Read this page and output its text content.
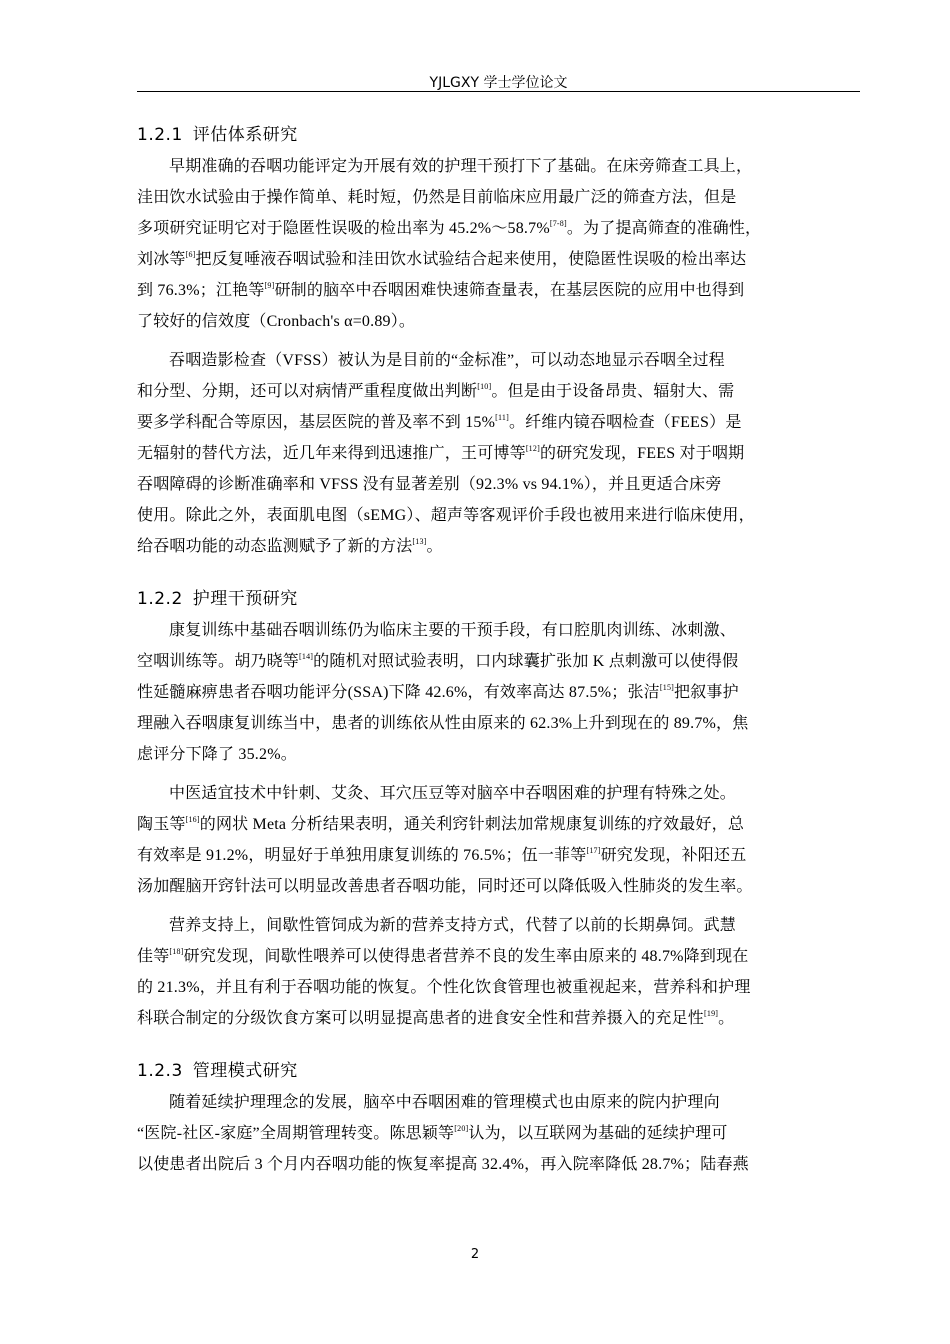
YJLGXY 学士学位论文
1.2.1 评估体系研究

早期准确的吞咽功能评定为开展有效的护理干预打下了基础。在床旁筛查工具上，
洼田饮水试验由于操作简单、耗时短，仍然是目前临床应用最广泛的筛查方法，但是
多项研究证明它对于隐匿性误吸的检出率为 45.2%～58.7%[7-8]。为了提高筛查的准确性，
刘冰等[6]把反复唾液吞咽试验和洼田饮水试验结合起来使用，使隐匿性误吸的检出率达
到 76.3%；江艳等[9]研制的脑卒中吞咽困难快速筛查量表，在基层医院的应用中也得到
了较好的信效度（Cronbach's α=0.89）。

吞咽造影检查（VFSS）被认为是目前的“金标准”，可以动态地显示吞咽全过程
和分型、分期，还可以对病情严重程度做出判断[10]。但是由于设备昂贵、辐射大、需
要多学科配合等原因，基层医院的普及率不到 15%[11]。纤维内镜吞咽检查（FEES）是
无辐射的替代方法，近几年来得到迅速推广，王可博等[12]的研究发现，FEES 对于咽期
吞咽障碍的诊断准确率和 VFSS 没有显著差别（92.3% vs 94.1%），并且更适合床旁
使用。除此之外，表面肌电图（sEMG）、超声等客观评价手段也被用来进行临床使用，
给吞咽功能的动态监测赋予了新的方法[13]。

1.2.2 护理干预研究

康复训练中基础吞咽训练仍为临床主要的干预手段，有口腔肌肉训练、冰刺激、
空咽训练等。胡乃晓等[14]的随机对照试验表明，口内球囊扩张加 K 点刺激可以使得假
性延髓麻痹患者吞咽功能评分(SSA)下降 42.6%，有效率高达 87.5%；张洁[15]把叙事护
理融入吞咽康复训练当中，患者的训练依从性由原来的 62.3%上升到现在的 89.7%，焦
虑评分下降了 35.2%。

中医适宜技术中针刺、艾灸、耳穴压豆等对脑卒中吞咽困难的护理有特殊之处。
陶玉等[16]的网状 Meta 分析结果表明，通关利窍针刺法加常规康复训练的疗效最好，总
有效率是 91.2%，明显好于单独用康复训练的 76.5%；伍一菲等[17]研究发现，补阳还五
汤加醒脑开窍针法可以明显改善患者吞咽功能，同时还可以降低吸入性肺炎的发生率。

营养支持上，间歇性管饲成为新的营养支持方式，代替了以前的长期鼻饲。武慧
佳等[18]研究发现，间歇性喂养可以使得患者营养不良的发生率由原来的 48.7%降到现在
的 21.3%，并且有利于吞咽功能的恢复。个性化饮食管理也被重视起来，营养科和护理
科联合制定的分级饮食方案可以明显提高患者的进食安全性和营养摄入的充足性[19]。

1.2.3 管理模式研究

随着延续护理理念的发展，脑卒中吞咽困难的管理模式也由原来的院内护理向
“医院-社区-家庭”全周期管理转变。陈思颖等[20]认为，以互联网为基础的延续护理可
以使患者出院后 3 个月内吞咽功能的恢复率提高 32.4%，再入院率降低 28.7%；陆春燕

2
